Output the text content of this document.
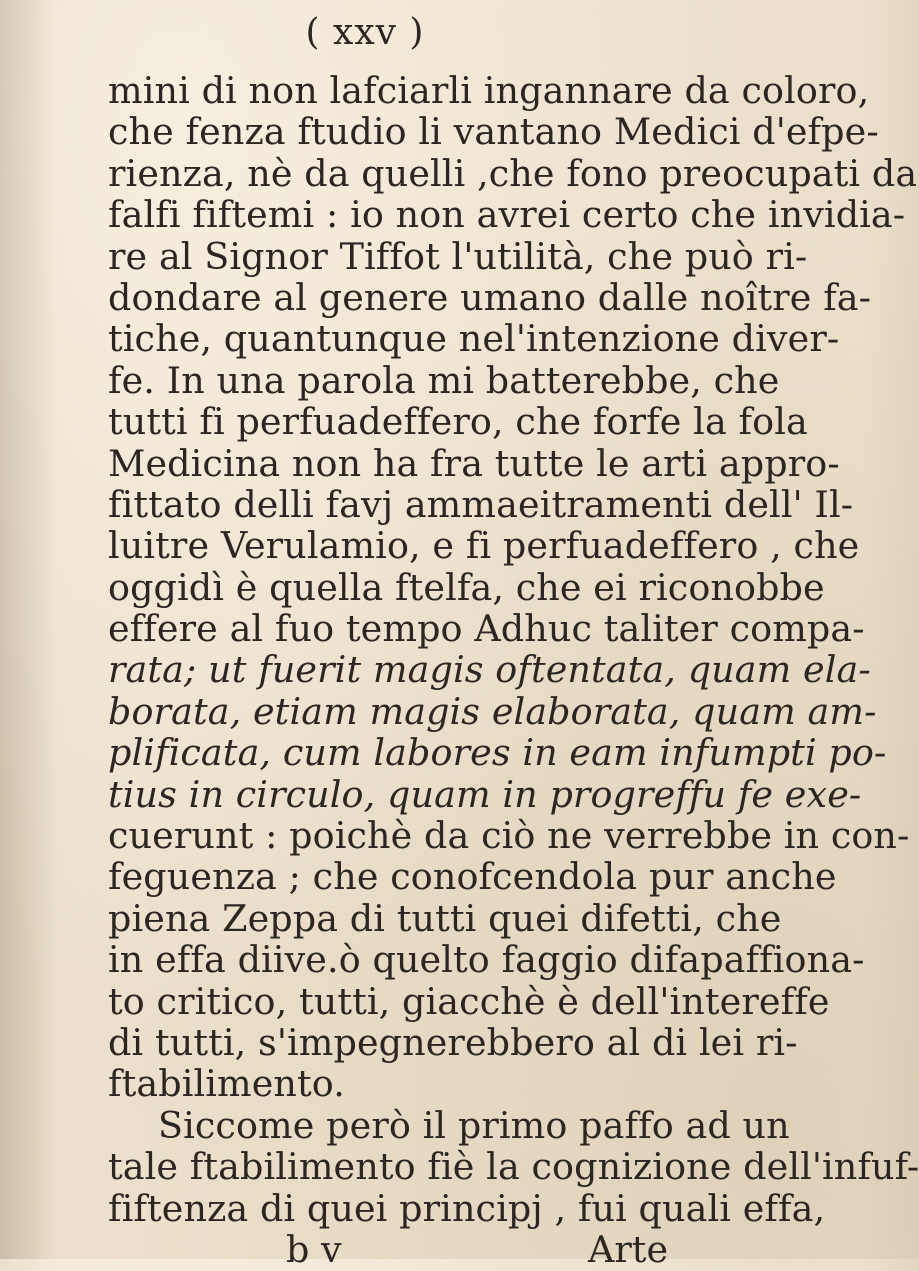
( xxv )
mini di non lafciarli ingannare da coloro,
che fenza ftudio li vantano Medici d'efpe-
rienza, nè da quelli ,che fono preocupati da
falfi fiftemi : io non avrei certo che invidia-
re al Signor Tiffot l'utilità, che può ri-
dondare al genere umano dalle noître fa-
tiche, quantunque nel'intenzione diver-
fe. In una parola mi batterebbe, che
tutti fi perfuadeffero, che forfe la fola
Medicina non ha fra tutte le arti appro-
fittato delli favj ammaeitramenti dell' Il-
luitre Verulamio, e fi perfuadeffero , che
oggidì è quella ftelfa, che ei riconobbe
effere al fuo tempo Adhuc taliter compa-
rata; ut fuerit magis oftentata, quam ela-
borata, etiam magis elaborata, quam am-
plificata, cum labores in eam infumpti po-
tius in circulo, quam in progreffu fe exe-
cuerunt : poichè da ciò ne verrebbe in con-
feguenza ; che conofcendola pur anche
piena Zeppa di tutti quei difetti, che
in effa diive.ò quelto faggio difapaffiona-
to critico, tutti, giacchè è dell'intereffe
di tutti, s'impegnerebbero al di lei ri-
ftabilimento.
Siccome però il primo paffo ad un
tale ftabilimento fiè la cognizione dell'infuf-
fiftenza di quei principj , fui quali effa,
b v	Arte
